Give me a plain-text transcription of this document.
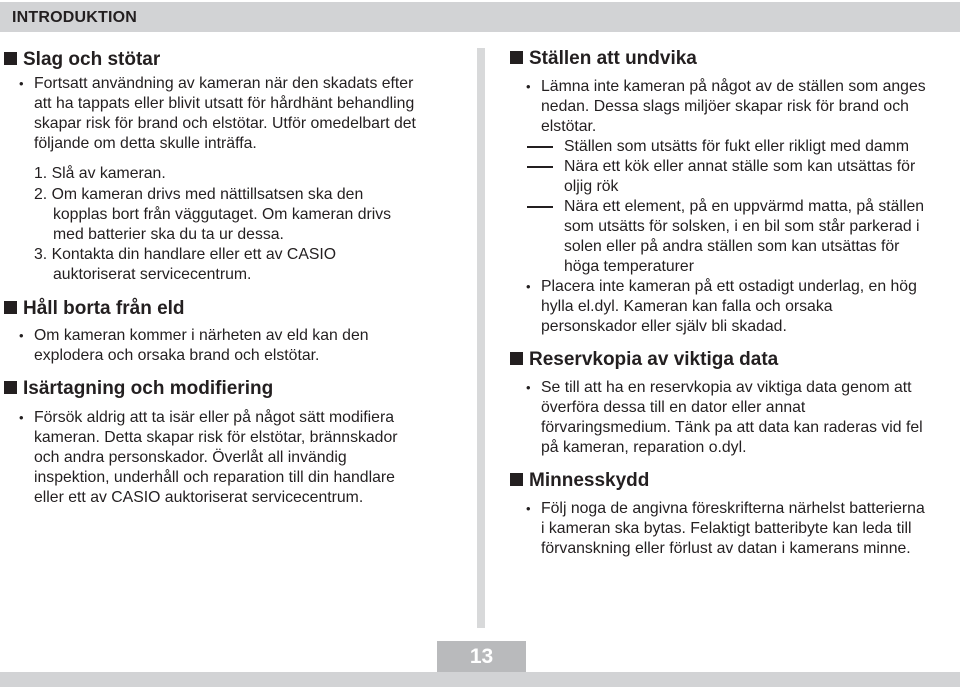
INTRODUKTION
Slag och stötar
• Fortsatt användning av kameran när den skadats efter
att ha tappats eller blivit utsatt för hårdhänt behandling
skapar risk för brand och elstötar. Utför omedelbart det
följande om detta skulle inträffa.
1. Slå av kameran.
2. Om kameran drivs med nättillsatsen ska den
kopplas bort från väggutaget. Om kameran drivs
med batterier ska du ta ur dessa.
3. Kontakta din handlare eller ett av CASIO
auktoriserat servicecentrum.
Håll borta från eld
• Om kameran kommer i närheten av eld kan den
explodera och orsaka brand och elstötar.
Isärtagning och modifiering
• Försök aldrig att ta isär eller på något sätt modifiera
kameran. Detta skapar risk för elstötar, brännskador
och andra personskador. Överlåt all invändig
inspektion, underhåll och reparation till din handlare
eller ett av CASIO auktoriserat servicecentrum.
Ställen att undvika
• Lämna inte kameran på något av de ställen som anges
nedan. Dessa slags miljöer skapar risk för brand och
elstötar.
Ställen som utsätts för fukt eller rikligt med damm
Nära ett kök eller annat ställe som kan utsättas för
oljig rök
Nära ett element, på en uppvärmd matta, på ställen
som utsätts för solsken, i en bil som står parkerad i
solen eller på andra ställen som kan utsättas för
höga temperaturer
• Placera inte kameran på ett ostadigt underlag, en hög
hylla el.dyl. Kameran kan falla och orsaka
personskador eller själv bli skadad.
Reservkopia av viktiga data
• Se till att ha en reservkopia av viktiga data genom att
överföra dessa till en dator eller annat
förvaringsmedium. Tänk pa att data kan raderas vid fel
på kameran, reparation o.dyl.
Minnesskydd
• Följ noga de angivna föreskrifterna närhelst batterierna
i kameran ska bytas. Felaktigt batteribyte kan leda till
förvanskning eller förlust av datan i kamerans minne.
13
